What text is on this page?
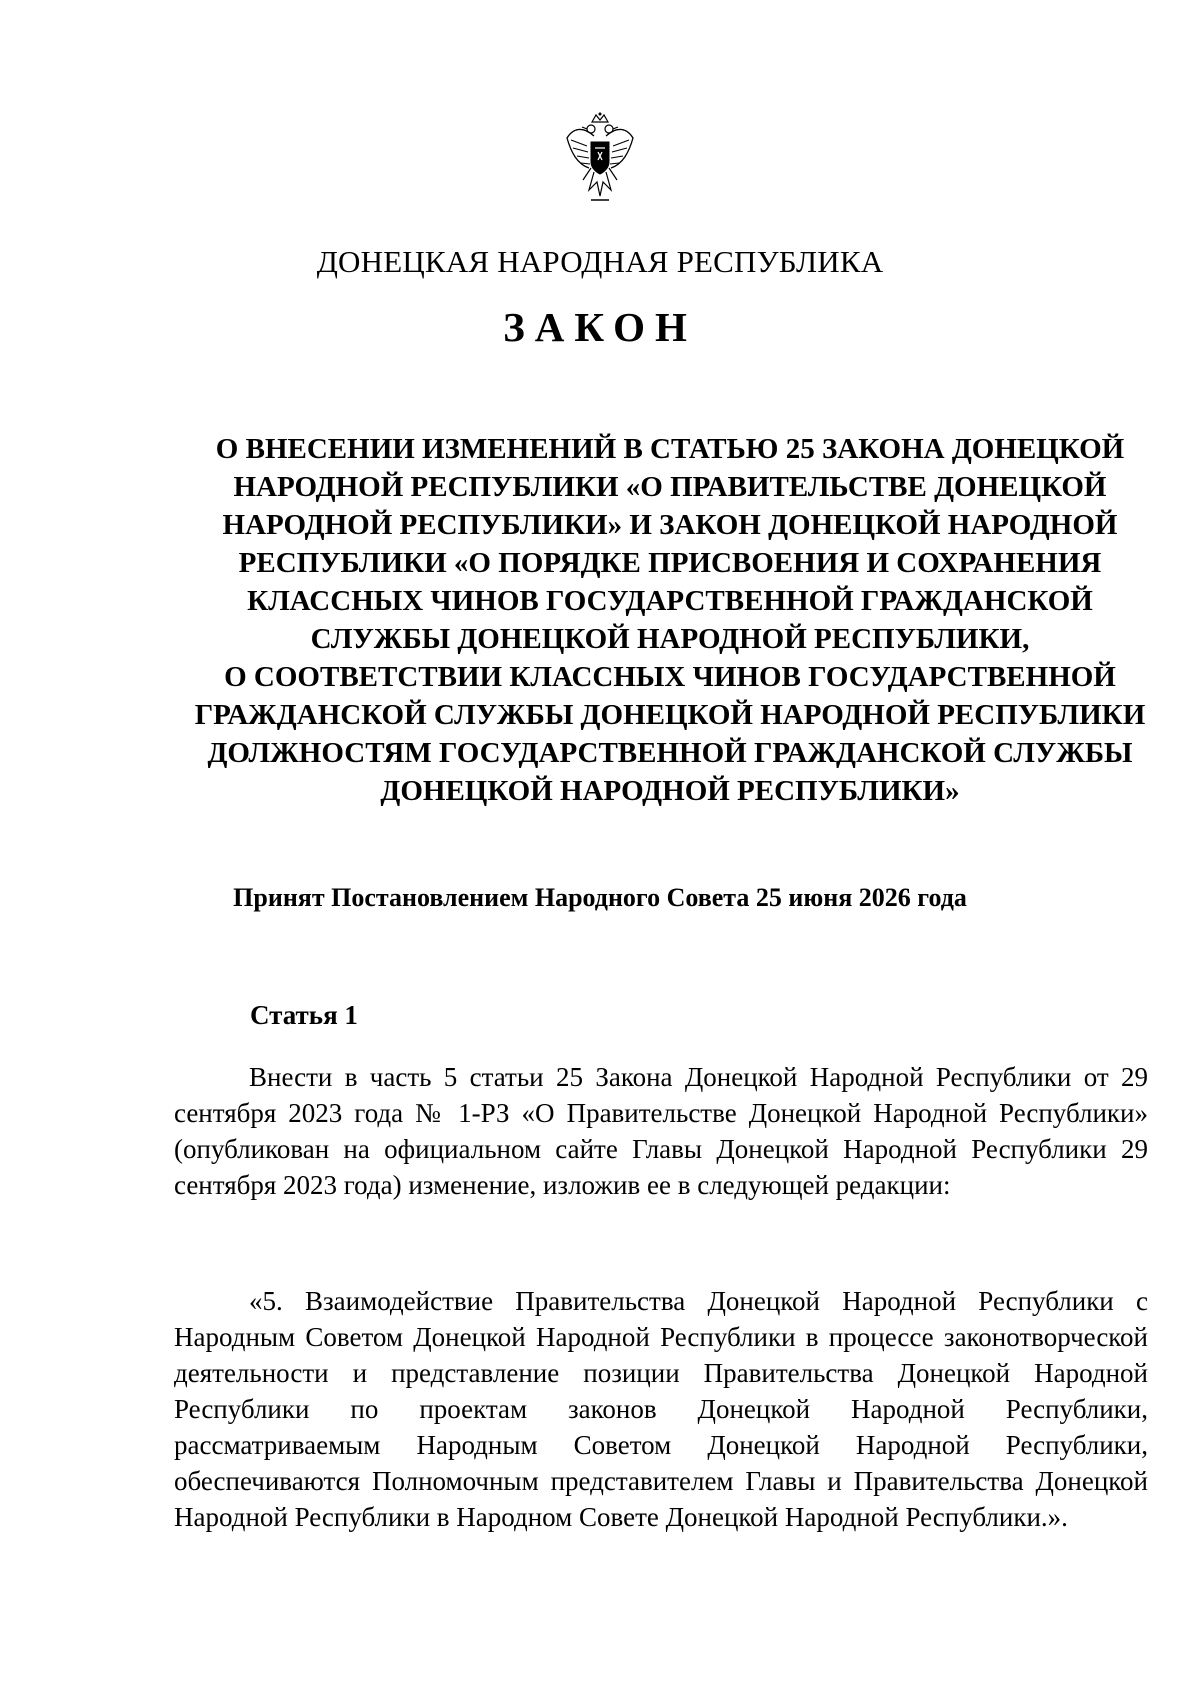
ДОНЕЦКАЯ НАРОДНАЯ РЕСПУБЛИКА
ЗАКОН
О ВНЕСЕНИИ ИЗМЕНЕНИЙ В СТАТЬЮ 25 ЗАКОНА ДОНЕЦКОЙ
НАРОДНОЙ РЕСПУБЛИКИ «О ПРАВИТЕЛЬСТВЕ ДОНЕЦКОЙ
НАРОДНОЙ РЕСПУБЛИКИ» И ЗАКОН ДОНЕЦКОЙ НАРОДНОЙ
РЕСПУБЛИКИ «О ПОРЯДКЕ ПРИСВОЕНИЯ И СОХРАНЕНИЯ
КЛАССНЫХ ЧИНОВ ГОСУДАРСТВЕННОЙ ГРАЖДАНСКОЙ
СЛУЖБЫ ДОНЕЦКОЙ НАРОДНОЙ РЕСПУБЛИКИ,
О СООТВЕТСТВИИ КЛАССНЫХ ЧИНОВ ГОСУДАРСТВЕННОЙ
ГРАЖДАНСКОЙ СЛУЖБЫ ДОНЕЦКОЙ НАРОДНОЙ РЕСПУБЛИКИ
ДОЛЖНОСТЯМ ГОСУДАРСТВЕННОЙ ГРАЖДАНСКОЙ СЛУЖБЫ
ДОНЕЦКОЙ НАРОДНОЙ РЕСПУБЛИКИ»
Принят Постановлением Народного Совета 25 июня 2026 года
Статья 1

Внести в часть 5 статьи 25 Закона Донецкой Народной Республики от 29 сентября 2023 года № 1-РЗ «О Правительстве Донецкой Народной Республики» (опубликован на официальном сайте Главы Донецкой Народной Республики 29 сентября 2023 года) изменение, изложив ее в следующей редакции:

«5. Взаимодействие Правительства Донецкой Народной Республики с Народным Советом Донецкой Народной Республики в процессе законотворческой деятельности и представление позиции Правительства Донецкой Народной Республики по проектам законов Донецкой Народной Республики, рассматриваемым Народным Советом Донецкой Народной Республики, обеспечиваются Полномочным представителем Главы и Правительства Донецкой Народной Республики в Народном Совете Донецкой Народной Республики.».
